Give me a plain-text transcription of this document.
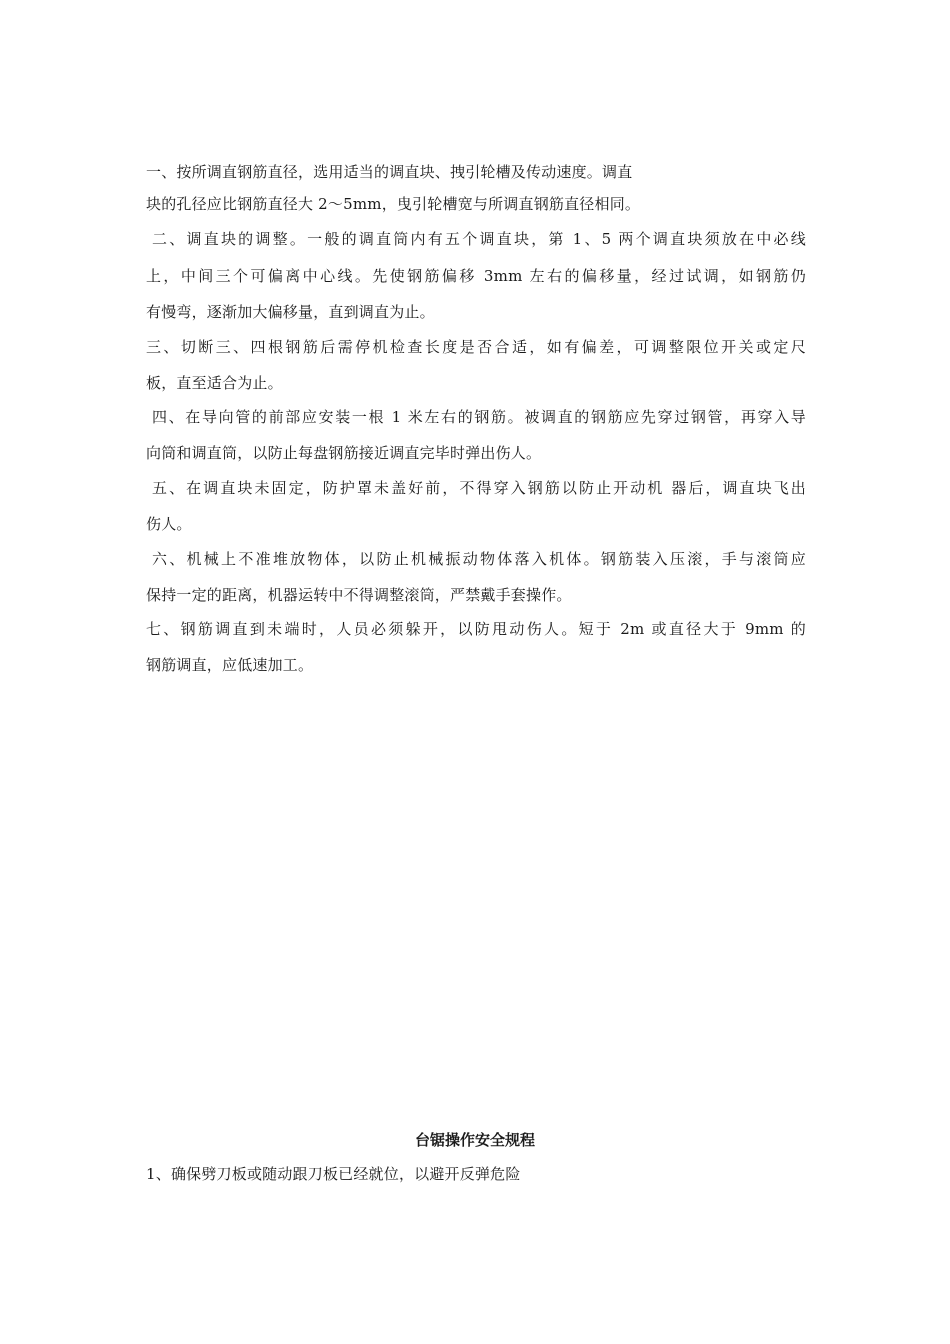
一、按所调直钢筋直径，选用适当的调直块、拽引轮槽及传动速度。调直
块的孔径应比钢筋直径大 2～5mm，曳引轮槽宽与所调直钢筋直径相同。
二、调直块的调整。一般的调直筒内有五个调直块，第 1、5 两个调直块须放在中必线
上，中间三个可偏离中心线。先使钢筋偏移 3mm 左右的偏移量，经过试调，如钢筋仍
有慢弯，逐渐加大偏移量，直到调直为止。
三、切断三、四根钢筋后需停机检查长度是否合适，如有偏差，可调整限位开关或定尺
板，直至适合为止。
四、在导向管的前部应安装一根 1 米左右的钢筋。被调直的钢筋应先穿过钢管，再穿入导
向筒和调直筒，以防止每盘钢筋接近调直完毕时弹出伤人。
五、在调直块未固定，防护罩未盖好前，不得穿入钢筋以防止开动机 器后，调直块飞出
伤人。
六、机械上不准堆放物体，以防止机械振动物体落入机体。钢筋装入压滚，手与滚筒应
保持一定的距离，机器运转中不得调整滚筒，严禁戴手套操作。
七、钢筋调直到未端时，人员必须躲开，以防甩动伤人。短于 2m 或直径大于 9mm 的
钢筋调直，应低速加工。
台锯操作安全规程
1、确保劈刀板或随动跟刀板已经就位，以避开反弹危险
